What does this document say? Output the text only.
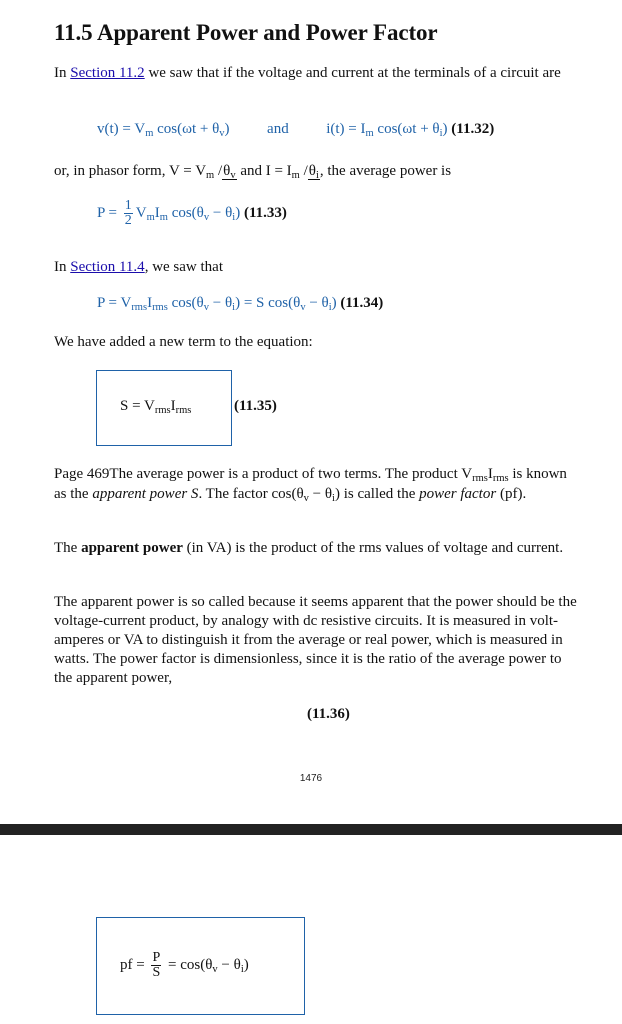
11.5 Apparent Power and Power Factor

In Section 11.2 we saw that if the voltage and current at the terminals of a circuit are

$v(t) = V_m$ $\cos(\omega t + \theta_v)$	and	$i(t) = I_m$ $\cos(\omega t + \theta_i)$ (11.32)

or, in phasor form, $V = V_m$ $/\theta_v$ and $I = I_m$ $/\theta_i$, the average power is

$P = \frac{1}{2} V_mI_m$ $\cos(\theta_v - \theta_i)$ (11.33)

In Section 11.4, we saw that

$P = V_{rms}I_{rms}$ $\cos(\theta_v - \theta_i) = S$ $\cos(\theta_v - \theta_i)$ (11.34)

We have added a new term to the equation:

$S = V_{rms}I_{rms}$	(11.35)

Page 469The average power is a product of two terms. The product $V_{rms}I_{rms}$ is known as the apparent power S. The factor $\cos(\theta_v - \theta_i)$ is called the power factor (pf).

The apparent power (in VA) is the product of the rms values of voltage and current.

The apparent power is so called because it seems apparent that the power should be the voltage-current product, by analogy with dc resistive circuits. It is measured in volt-amperes or VA to distinguish it from the average or real power, which is measured in watts. The power factor is dimensionless, since it is the ratio of the average power to the apparent power,

(11.36)
1476
pf = $\frac{P}{S} = \cos(\theta_v - \theta_i)$
